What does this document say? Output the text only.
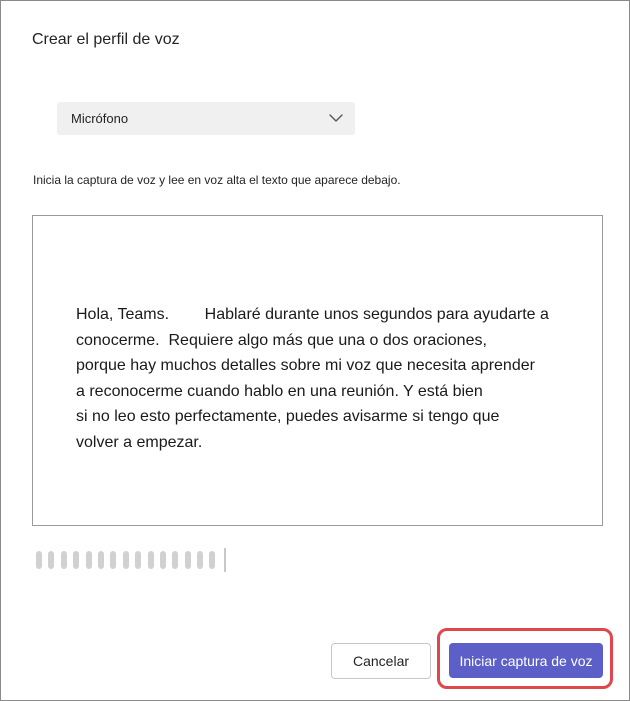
Crear el perfil de voz
Micrófono
Inicia la captura de voz y lee en voz alta el texto que aparece debajo.
Hola, Teams.        Hablaré durante unos segundos para ayudarte a
conocerme.  Requiere algo más que una o dos oraciones,
porque hay muchos detalles sobre mi voz que necesita aprender
a reconocerme cuando hablo en una reunión. Y está bien
si no leo esto perfectamente, puedes avisarme si tengo que
volver a empezar.
Cancelar	Iniciar captura de voz
